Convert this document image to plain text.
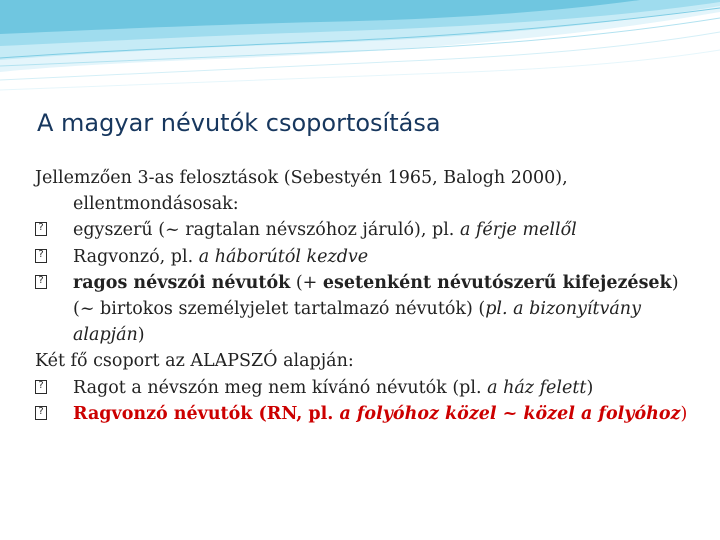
A magyar névutók csoportosítása

Jellemzően 3-as felosztások (Sebestyén 1965, Balogh 2000), ellentmondásosak:

?
egyszerű (~ ragtalan névszóhoz járuló), pl. a férje mellől
?
Ragvonzó, pl. a háborútól kezdve
?
ragos névszói névutók (+ esetenként névutószerű kifejezések) (~ birtokos személyjelet tartalmazó névutók) (pl. a bizonyítvány alapján)

Két fő csoport az ALAPSZÓ alapján:

?
Ragot a névszón meg nem kívánó névutók (pl. a ház felett)
?
Ragvonzó névutók (RN, pl. a folyóhoz közel ~ közel a folyóhoz)
